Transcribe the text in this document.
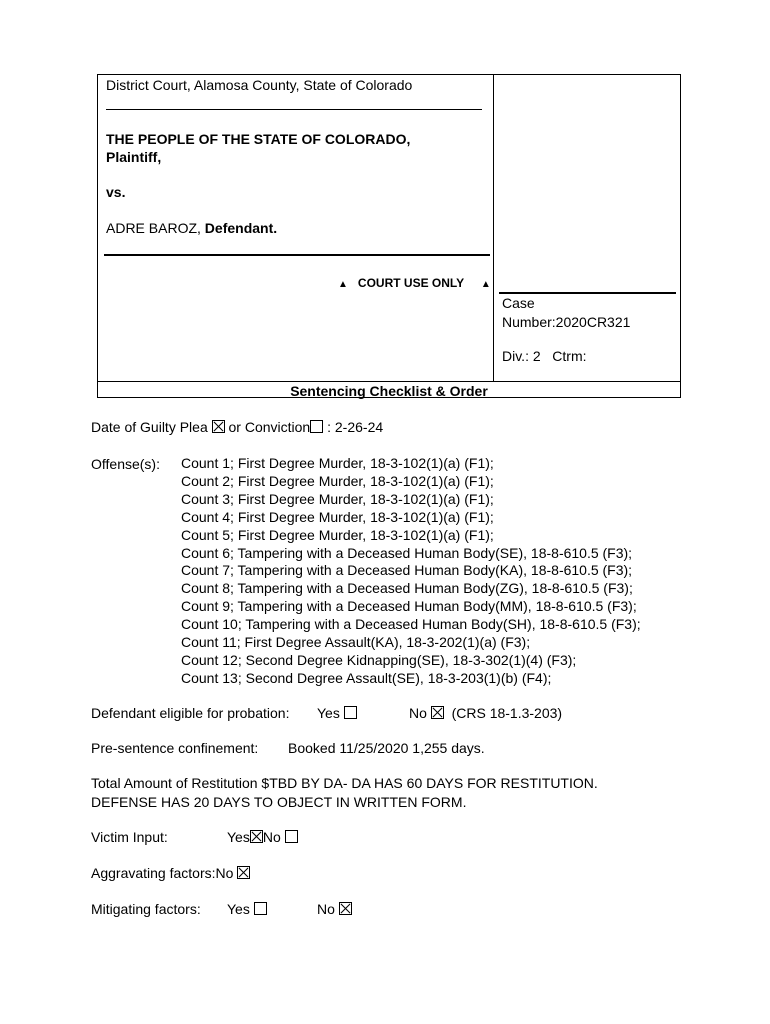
District Court, Alamosa County, State of Colorado
THE PEOPLE OF THE STATE OF COLORADO,
Plaintiff,
vs.
ADRE BAROZ, Defendant.
▲ COURT USE ONLY ▲
Case
Number:2020CR321
Div.: 2   Ctrm:
Sentencing Checklist & Order
Date of Guilty Plea or Conviction : 2-26-24
Offense(s): Count 1; First Degree Murder, 18-3-102(1)(a) (F1);
Count 2; First Degree Murder, 18-3-102(1)(a) (F1);
Count 3; First Degree Murder, 18-3-102(1)(a) (F1);
Count 4; First Degree Murder, 18-3-102(1)(a) (F1);
Count 5; First Degree Murder, 18-3-102(1)(a) (F1);
Count 6; Tampering with a Deceased Human Body(SE), 18-8-610.5 (F3);
Count 7; Tampering with a Deceased Human Body(KA), 18-8-610.5 (F3);
Count 8; Tampering with a Deceased Human Body(ZG), 18-8-610.5 (F3);
Count 9; Tampering with a Deceased Human Body(MM), 18-8-610.5 (F3);
Count 10; Tampering with a Deceased Human Body(SH), 18-8-610.5 (F3);
Count 11; First Degree Assault(KA), 18-3-202(1)(a) (F3);
Count 12; Second Degree Kidnapping(SE), 18-3-302(1)(4) (F3);
Count 13; Second Degree Assault(SE), 18-3-203(1)(b) (F4);
Defendant eligible for probation: Yes	No (CRS 18-1.3-203)
Pre-sentence confinement: Booked 11/25/2020 1,255 days.
Total Amount of Restitution $TBD BY DA- DA HAS 60 DAYS FOR RESTITUTION.
DEFENSE HAS 20 DAYS TO OBJECT IN WRITTEN FORM.
Victim Input:	Yes No
Aggravating factors:No
Mitigating factors: Yes	No
